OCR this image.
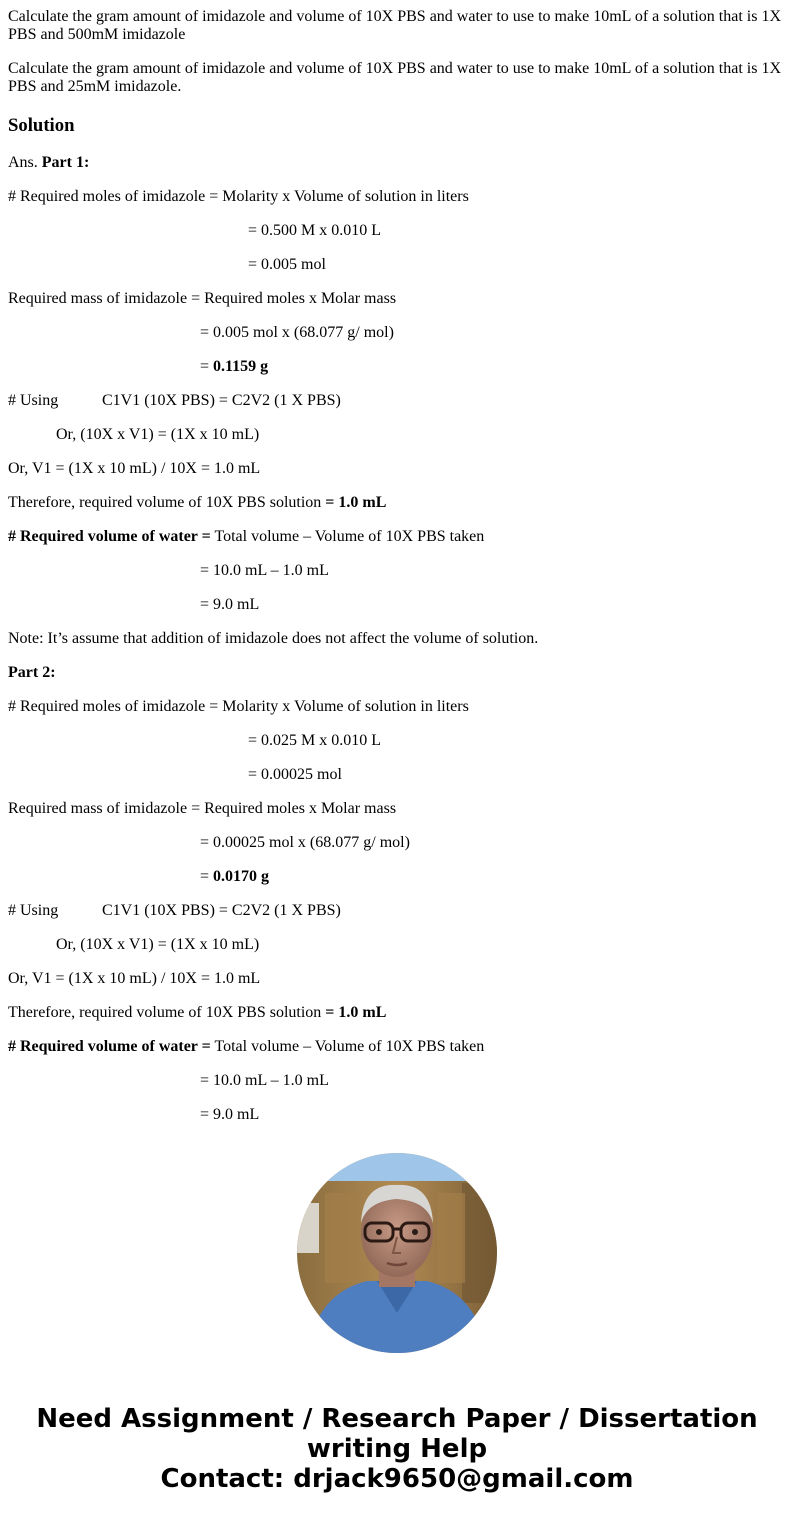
Calculate the gram amount of imidazole and volume of 10X PBS and water to use to make 10mL of a solution that is 1X PBS and 500mM imidazole

Calculate the gram amount of imidazole and volume of 10X PBS and water to use to make 10mL of a solution that is 1X PBS and 25mM imidazole.

Solution

Ans. Part 1:

# Required moles of imidazole = Molarity x Volume of solution in liters

= 0.500 M x 0.010 L

= 0.005 mol

Required mass of imidazole = Required moles x Molar mass

= 0.005 mol x (68.077 g/ mol)

= 0.1159 g

# Using	C1V1 (10X PBS) = C2V2 (1 X PBS)

Or, (10X x V1) = (1X x 10 mL)

Or, V1 = (1X x 10 mL) / 10X = 1.0 mL

Therefore, required volume of 10X PBS solution = 1.0 mL

# Required volume of water = Total volume – Volume of 10X PBS taken

= 10.0 mL – 1.0 mL

= 9.0 mL

Note: It’s assume that addition of imidazole does not affect the volume of solution.

Part 2:

# Required moles of imidazole = Molarity x Volume of solution in liters

= 0.025 M x 0.010 L

= 0.00025 mol

Required mass of imidazole = Required moles x Molar mass

= 0.00025 mol x (68.077 g/ mol)

= 0.0170 g

# Using	C1V1 (10X PBS) = C2V2 (1 X PBS)

Or, (10X x V1) = (1X x 10 mL)

Or, V1 = (1X x 10 mL) / 10X = 1.0 mL

Therefore, required volume of 10X PBS solution = 1.0 mL

# Required volume of water = Total volume – Volume of 10X PBS taken

= 10.0 mL – 1.0 mL

= 9.0 mL

Need Assignment / Research Paper / Dissertation
writing Help
Contact: drjack9650@gmail.com
